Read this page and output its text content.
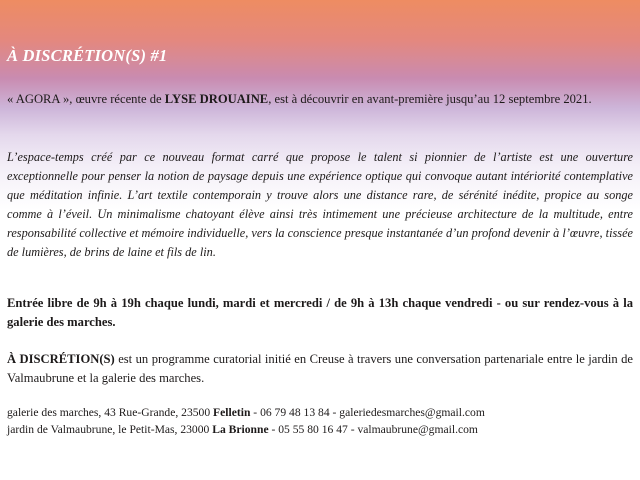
À DISCRÉTION(S) #1

« AGORA », œuvre récente de LYSE DROUAINE, est à découvrir en avant-première jusqu’au 12 septembre 2021.

L’espace-temps créé par ce nouveau format carré que propose le talent si pionnier de l’artiste est une ouverture exceptionnelle pour penser la notion de paysage depuis une expérience optique qui convoque autant intériorité contemplative que méditation infinie. L’art textile contemporain y trouve alors une distance rare, de sérénité inédite, propice au songe comme à l’éveil. Un minimalisme chatoyant élève ainsi très intimement une précieuse architecture de la multitude, entre responsabilité collective et mémoire individuelle, vers la conscience presque instantanée d’un profond devenir à l’œuvre, tissée de lumières, de brins de laine et fils de lin.

Entrée libre de 9h à 19h chaque lundi, mardi et mercredi / de 9h à 13h chaque vendredi - ou sur rendez-vous à la galerie des marches.

À DISCRÉTION(S) est un programme curatorial initié en Creuse à travers une conversation partenariale entre le jardin de Valmaubrune et la galerie des marches.

galerie des marches, 43 Rue-Grande, 23500 Felletin - 06 79 48 13 84 - galeriedesmarches@gmail.com
jardin de Valmaubrune, le Petit-Mas, 23000 La Brionne - 05 55 80 16 47 - valmaubrune@gmail.com
